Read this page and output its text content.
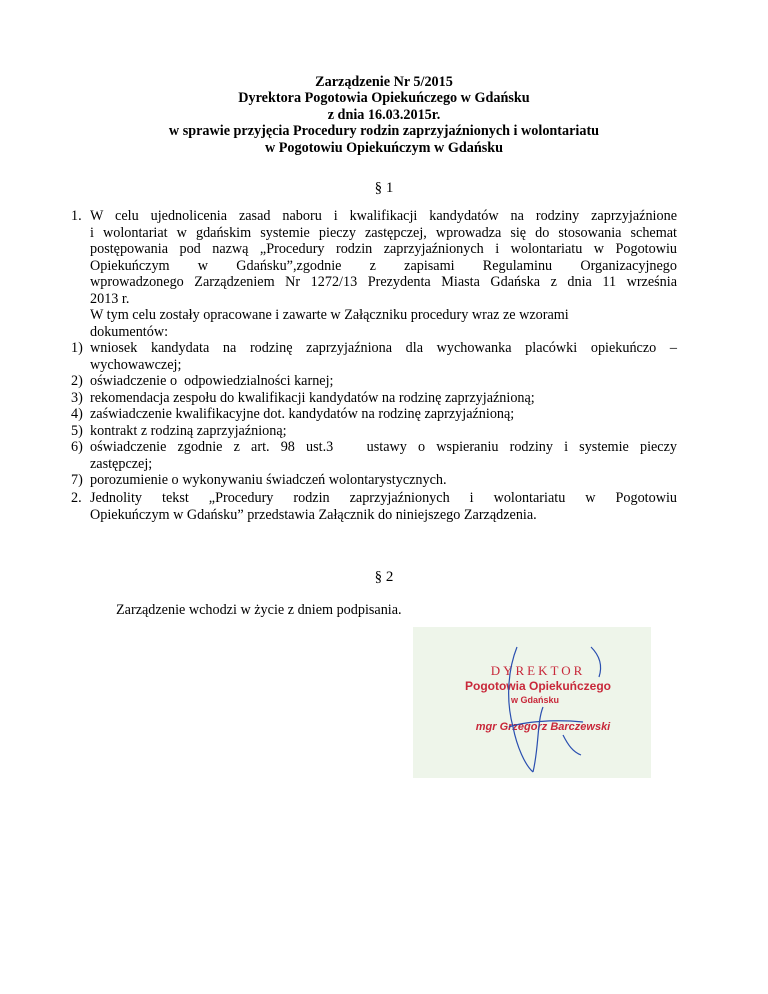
Zarządzenie Nr 5/2015
Dyrektora Pogotowia Opiekuńczego w Gdańsku
z dnia 16.03.2015r.
w sprawie przyjęcia Procedury rodzin zaprzyjaźnionych i wolontariatu
w Pogotowiu Opiekuńczym w Gdańsku
§ 1
1. W celu ujednolicenia zasad naboru i kwalifikacji kandydatów na rodziny zaprzyjaźnione
i wolontariat w gdańskim systemie pieczy zastępczej, wprowadza się do stosowania schemat
postępowania pod nazwą „Procedury rodzin zaprzyjaźnionych i wolontariatu w Pogotowiu
Opiekuńczym w Gdańsku”,zgodnie z zapisami Regulaminu Organizacyjnego
wprowadzonego Zarządzeniem Nr 1272/13 Prezydenta Miasta Gdańska z dnia 11 września
2013 r.
W tym celu zostały opracowane i zawarte w Załączniku procedury wraz ze wzorami
dokumentów:
1) wniosek kandydata na rodzinę zaprzyjaźniona dla wychowanka placówki opiekuńczo –
wychowawczej;
2) oświadczenie o  odpowiedzialności karnej;
3) rekomendacja zespołu do kwalifikacji kandydatów na rodzinę zaprzyjaźnioną;
4) zaświadczenie kwalifikacyjne dot. kandydatów na rodzinę zaprzyjaźnioną;
5) kontrakt z rodziną zaprzyjaźnioną;
6) oświadczenie zgodnie z art. 98 ust.3   ustawy o wspieraniu rodziny i systemie pieczy
zastępczej;
7) porozumienie o wykonywaniu świadczeń wolontarystycznych.
2. Jednolity tekst „Procedury rodzin zaprzyjaźnionych i wolontariatu w Pogotowiu
Opiekuńczym w Gdańsku” przedstawia Załącznik do niniejszego Zarządzenia.
§ 2
Zarządzenie wchodzi w życie z dniem podpisania.
DYREKTOR
Pogotowia Opiekuńczego
w Gdańsku
mgr Grzegorz Barczewski
